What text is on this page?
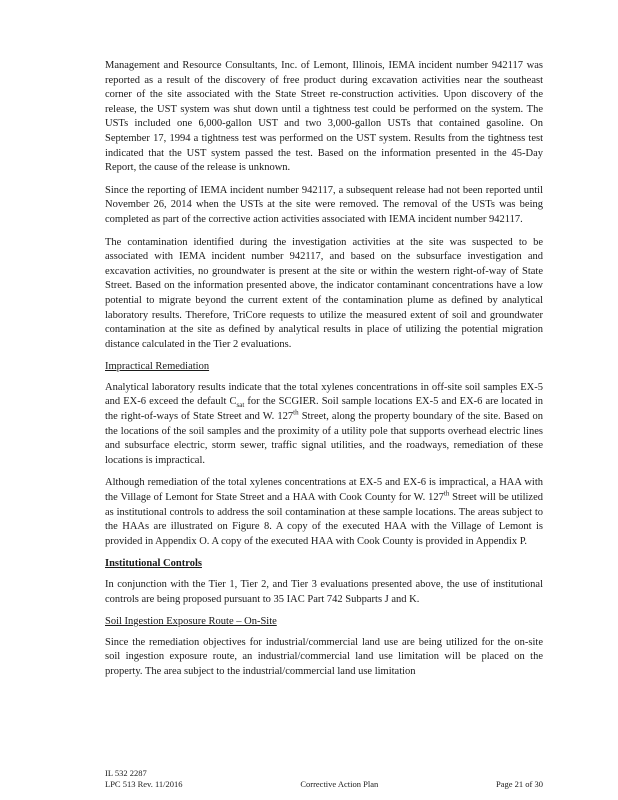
Management and Resource Consultants, Inc. of Lemont, Illinois, IEMA incident number 942117 was reported as a result of the discovery of free product during excavation activities near the southeast corner of the site associated with the State Street re-construction activities. Upon discovery of the release, the UST system was shut down until a tightness test could be performed on the system. The USTs included one 6,000-gallon UST and two 3,000-gallon USTs that contained gasoline. On September 17, 1994 a tightness test was performed on the UST system. Results from the tightness test indicated that the UST system passed the test. Based on the information presented in the 45-Day Report, the cause of the release is unknown.

Since the reporting of IEMA incident number 942117, a subsequent release had not been reported until November 26, 2014 when the USTs at the site were removed. The removal of the USTs was being completed as part of the corrective action activities associated with IEMA incident number 942117.

The contamination identified during the investigation activities at the site was suspected to be associated with IEMA incident number 942117, and based on the subsurface investigation and excavation activities, no groundwater is present at the site or within the western right-of-way of State Street. Based on the information presented above, the indicator contaminant concentrations have a low potential to migrate beyond the current extent of the contamination plume as defined by analytical laboratory results. Therefore, TriCore requests to utilize the measured extent of soil and groundwater contamination at the site as defined by analytical results in place of utilizing the potential migration distance calculated in the Tier 2 evaluations.

Impractical Remediation

Analytical laboratory results indicate that the total xylenes concentrations in off-site soil samples EX-5 and EX-6 exceed the default $C_{sat}$ for the SCGIER. Soil sample locations EX-5 and EX-6 are located in the right-of-ways of State Street and W. 127th Street, along the property boundary of the site. Based on the locations of the soil samples and the proximity of a utility pole that supports overhead electric lines and subsurface electric, storm sewer, traffic signal utilities, and the roadways, remediation of these locations is impractical.

Although remediation of the total xylenes concentrations at EX-5 and EX-6 is impractical, a HAA with the Village of Lemont for State Street and a HAA with Cook County for W. 127th Street will be utilized as institutional controls to address the soil contamination at these sample locations. The areas subject to the HAAs are illustrated on Figure 8. A copy of the executed HAA with the Village of Lemont is provided in Appendix O. A copy of the executed HAA with Cook County is provided in Appendix P.

Institutional Controls

In conjunction with the Tier 1, Tier 2, and Tier 3 evaluations presented above, the use of institutional controls are being proposed pursuant to 35 IAC Part 742 Subparts J and K.

Soil Ingestion Exposure Route – On-Site

Since the remediation objectives for industrial/commercial land use are being utilized for the on-site soil ingestion exposure route, an industrial/commercial land use limitation will be placed on the property. The area subject to the industrial/commercial land use limitation

IL 532 2287
LPC 513 Rev. 11/2016	Corrective Action Plan	Page 21 of 30
